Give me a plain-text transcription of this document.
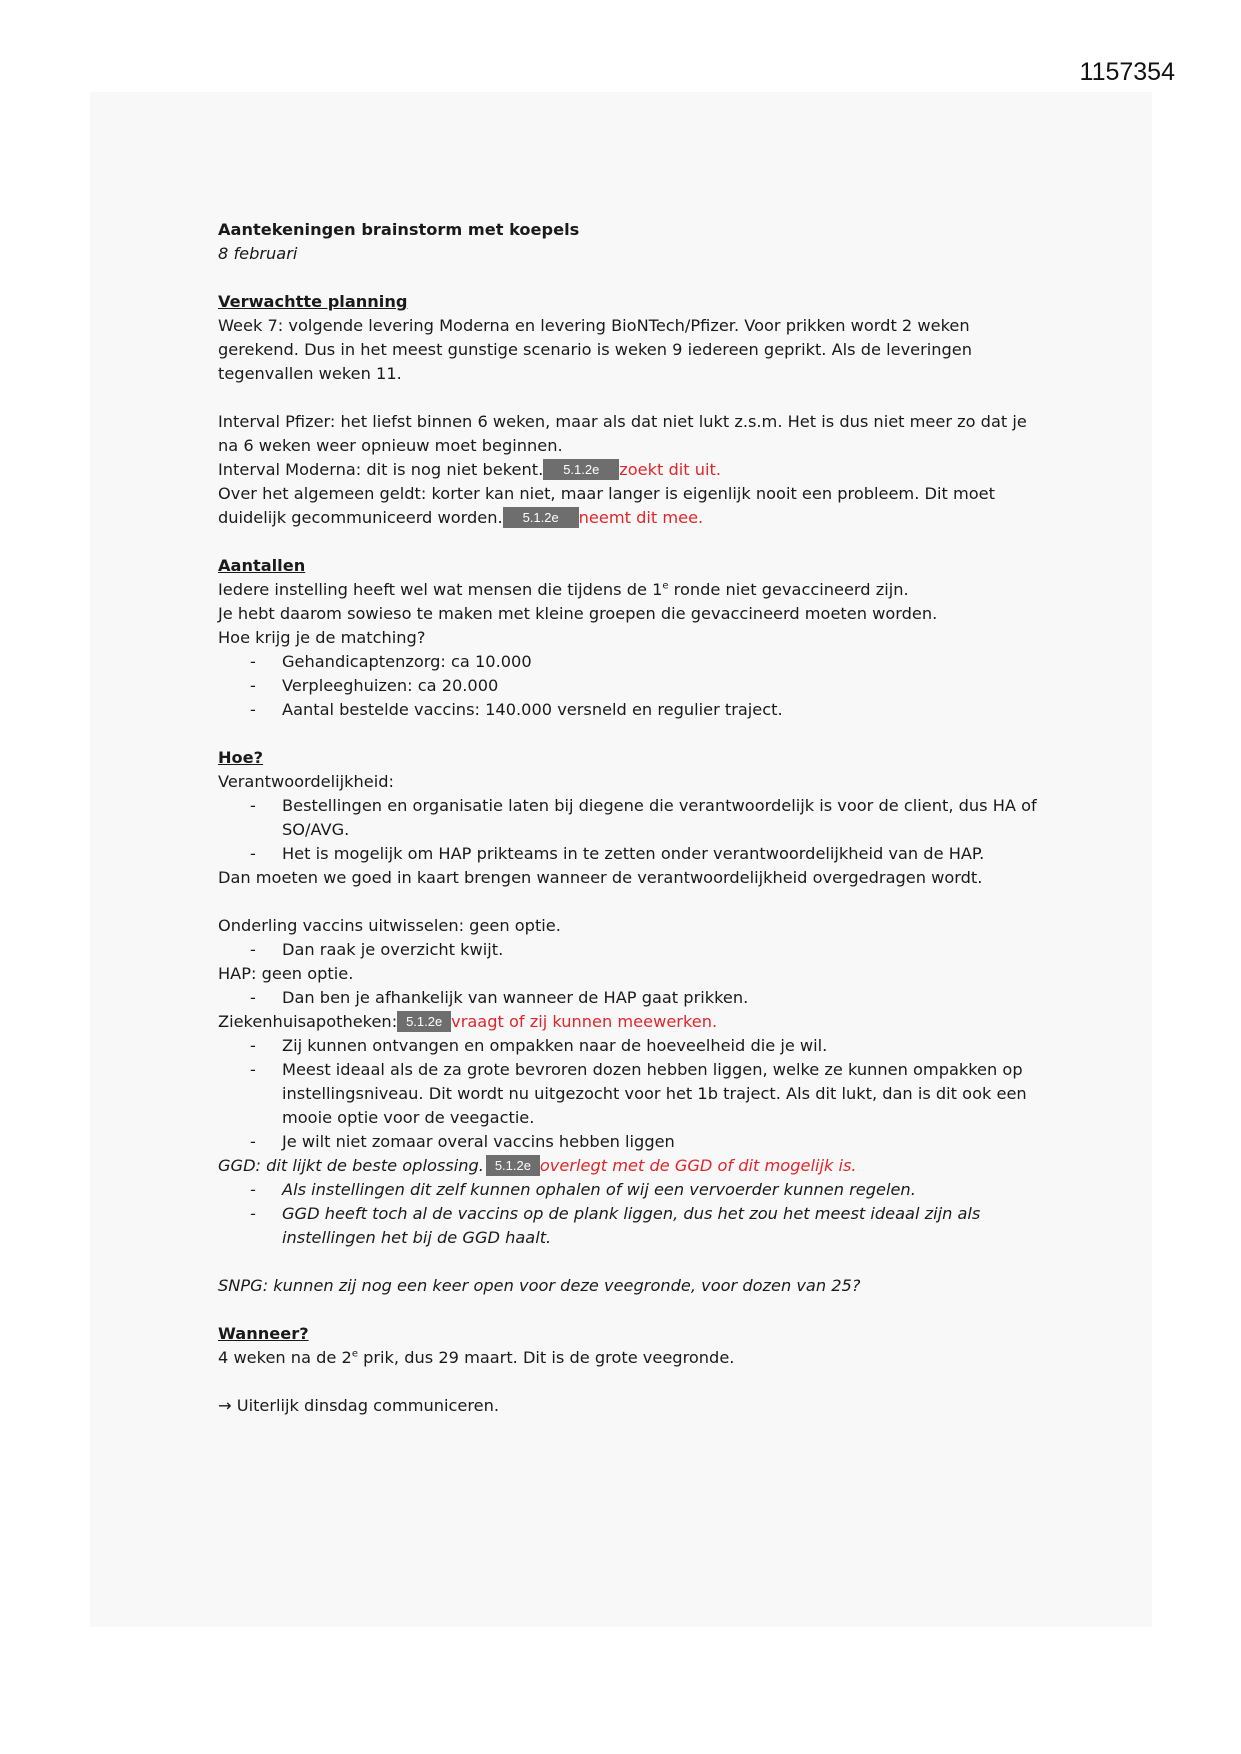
1157354
Aantekeningen brainstorm met koepels
8 februari
Verwachtte planning
Week 7: volgende levering Moderna en levering BioNTech/Pfizer. Voor prikken wordt 2 weken
gerekend. Dus in het meest gunstige scenario is weken 9 iedereen geprikt. Als de leveringen
tegenvallen weken 11.
Interval Pfizer: het liefst binnen 6 weken, maar als dat niet lukt z.s.m. Het is dus niet meer zo dat je
na 6 weken weer opnieuw moet beginnen.
Interval Moderna: dit is nog niet bekent. 5.1.2e zoekt dit uit.
Over het algemeen geldt: korter kan niet, maar langer is eigenlijk nooit een probleem. Dit moet
duidelijk gecommuniceerd worden. 5.1.2e neemt dit mee.
Aantallen
Iedere instelling heeft wel wat mensen die tijdens de 1e ronde niet gevaccineerd zijn.
Je hebt daarom sowieso te maken met kleine groepen die gevaccineerd moeten worden.
Hoe krijg je de matching?
- Gehandicaptenzorg: ca 10.000
- Verpleeghuizen: ca 20.000
- Aantal bestelde vaccins: 140.000 versneld en regulier traject.
Hoe?
Verantwoordelijkheid:
- Bestellingen en organisatie laten bij diegene die verantwoordelijk is voor de client, dus HA of
SO/AVG.
- Het is mogelijk om HAP prikteams in te zetten onder verantwoordelijkheid van de HAP.
Dan moeten we goed in kaart brengen wanneer de verantwoordelijkheid overgedragen wordt.
Onderling vaccins uitwisselen: geen optie.
- Dan raak je overzicht kwijt.
HAP: geen optie.
- Dan ben je afhankelijk van wanneer de HAP gaat prikken.
Ziekenhuisapotheken: 5.1.2e vraagt of zij kunnen meewerken.
- Zij kunnen ontvangen en ompakken naar de hoeveelheid die je wil.
- Meest ideaal als de za grote bevroren dozen hebben liggen, welke ze kunnen ompakken op
instellingsniveau. Dit wordt nu uitgezocht voor het 1b traject. Als dit lukt, dan is dit ook een
mooie optie voor de veegactie.
- Je wilt niet zomaar overal vaccins hebben liggen
GGD: dit lijkt de beste oplossing. 5.1.2e overlegt met de GGD of dit mogelijk is.
- Als instellingen dit zelf kunnen ophalen of wij een vervoerder kunnen regelen.
- GGD heeft toch al de vaccins op de plank liggen, dus het zou het meest ideaal zijn als
instellingen het bij de GGD haalt.
SNPG: kunnen zij nog een keer open voor deze veegronde, voor dozen van 25?
Wanneer?
4 weken na de 2e prik, dus 29 maart. Dit is de grote veegronde.
→ Uiterlijk dinsdag communiceren.
